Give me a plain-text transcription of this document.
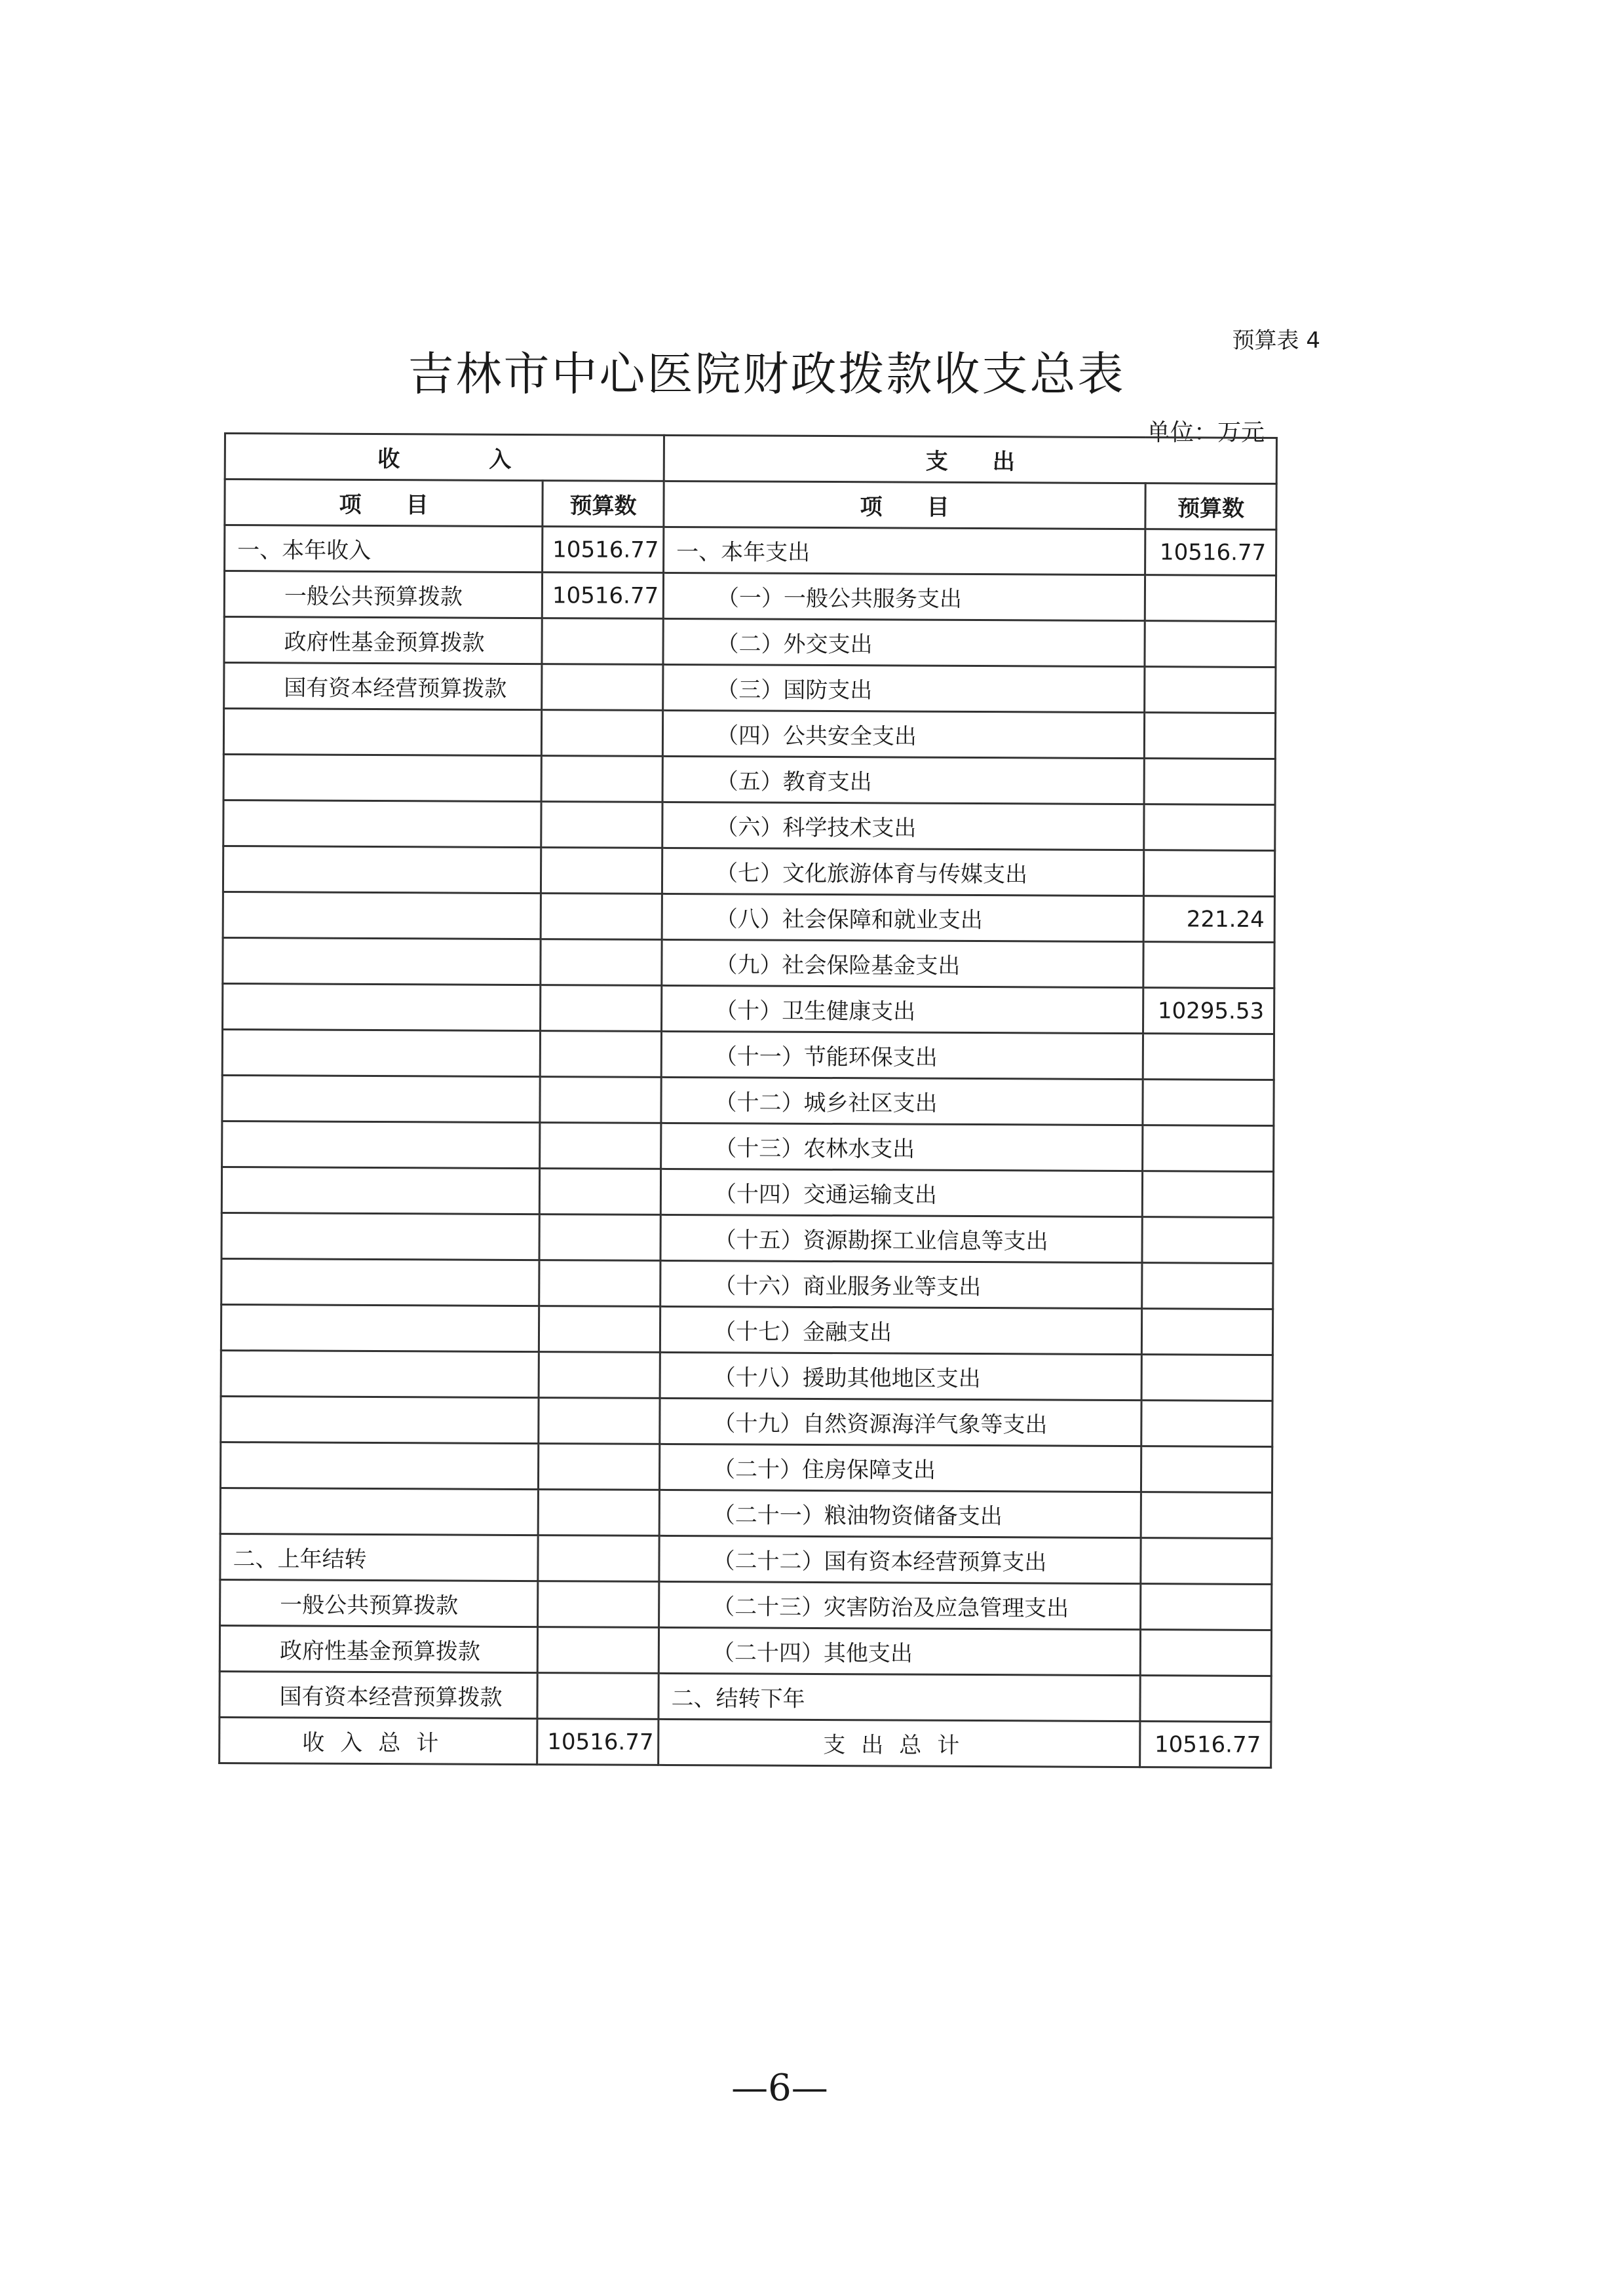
预算表 4
吉林市中心医院财政拨款收支总表
单位：万元
收　　　　入		支　　出	
项　　目	预算数	项　　目	预算数
一、本年收入	10516.77	一、本年支出	10516.77
一般公共预算拨款	10516.77	（一）一般公共服务支出	
政府性基金预算拨款		（二）外交支出	
国有资本经营预算拨款		（三）国防支出	
		（四）公共安全支出	
		（五）教育支出	
		（六）科学技术支出	
		（七）文化旅游体育与传媒支出	
		（八）社会保障和就业支出	221.24
		（九）社会保险基金支出	
		（十）卫生健康支出	10295.53
		（十一）节能环保支出	
		（十二）城乡社区支出	
		（十三）农林水支出	
		（十四）交通运输支出	
		（十五）资源勘探工业信息等支出	
		（十六）商业服务业等支出	
		（十七）金融支出	
		（十八）援助其他地区支出	
		（十九）自然资源海洋气象等支出	
		（二十）住房保障支出	
		（二十一）粮油物资储备支出	
二、上年结转		（二十二）国有资本经营预算支出	
一般公共预算拨款		（二十三）灾害防治及应急管理支出	
政府性基金预算拨款		（二十四）其他支出	
国有资本经营预算拨款		二、结转下年	
收入总计	10516.77	支出总计	10516.77
—6—
